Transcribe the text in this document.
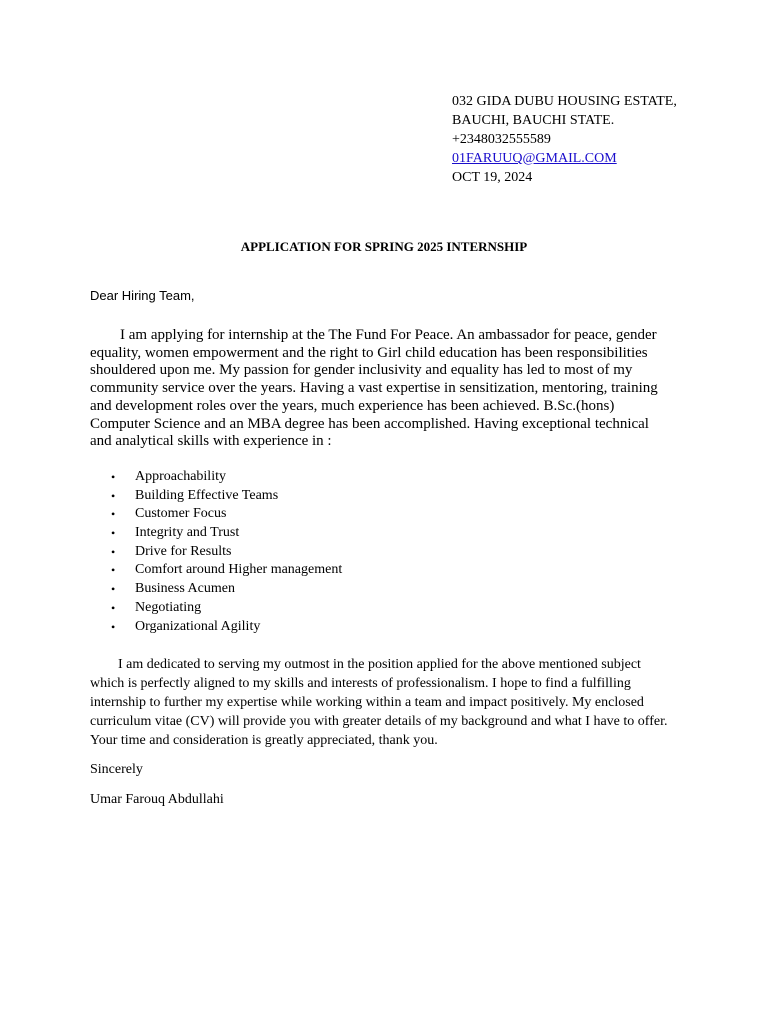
032 GIDA DUBU HOUSING ESTATE,
BAUCHI, BAUCHI STATE.
+2348032555589
01FARUUQ@GMAIL.COM
OCT 19, 2024
APPLICATION FOR SPRING 2025 INTERNSHIP
Dear Hiring Team,

I am applying for internship at the The Fund For Peace. An ambassador for peace, gender equality, women empowerment and the right to Girl child education has been responsibilities shouldered upon me. My passion for gender inclusivity and equality has led to most of my community service over the years. Having a vast expertise in sensitization, mentoring, training and development roles over the years, much experience has been achieved. B.Sc.(hons) Computer Science and an MBA degree has been accomplished. Having exceptional technical and analytical skills with experience in :

• Approachability
• Building Effective Teams
• Customer Focus
• Integrity and Trust
• Drive for Results
• Comfort around Higher management
• Business Acumen
• Negotiating
• Organizational Agility

I am dedicated to serving my outmost in the position applied for the above mentioned subject which is perfectly aligned to my skills and interests of professionalism. I hope to find a fulfilling internship to further my expertise while working within a team and impact positively. My enclosed curriculum vitae (CV) will provide you with greater details of my background and what I have to offer. Your time and consideration is greatly appreciated, thank you.

Sincerely
Umar Farouq Abdullahi
